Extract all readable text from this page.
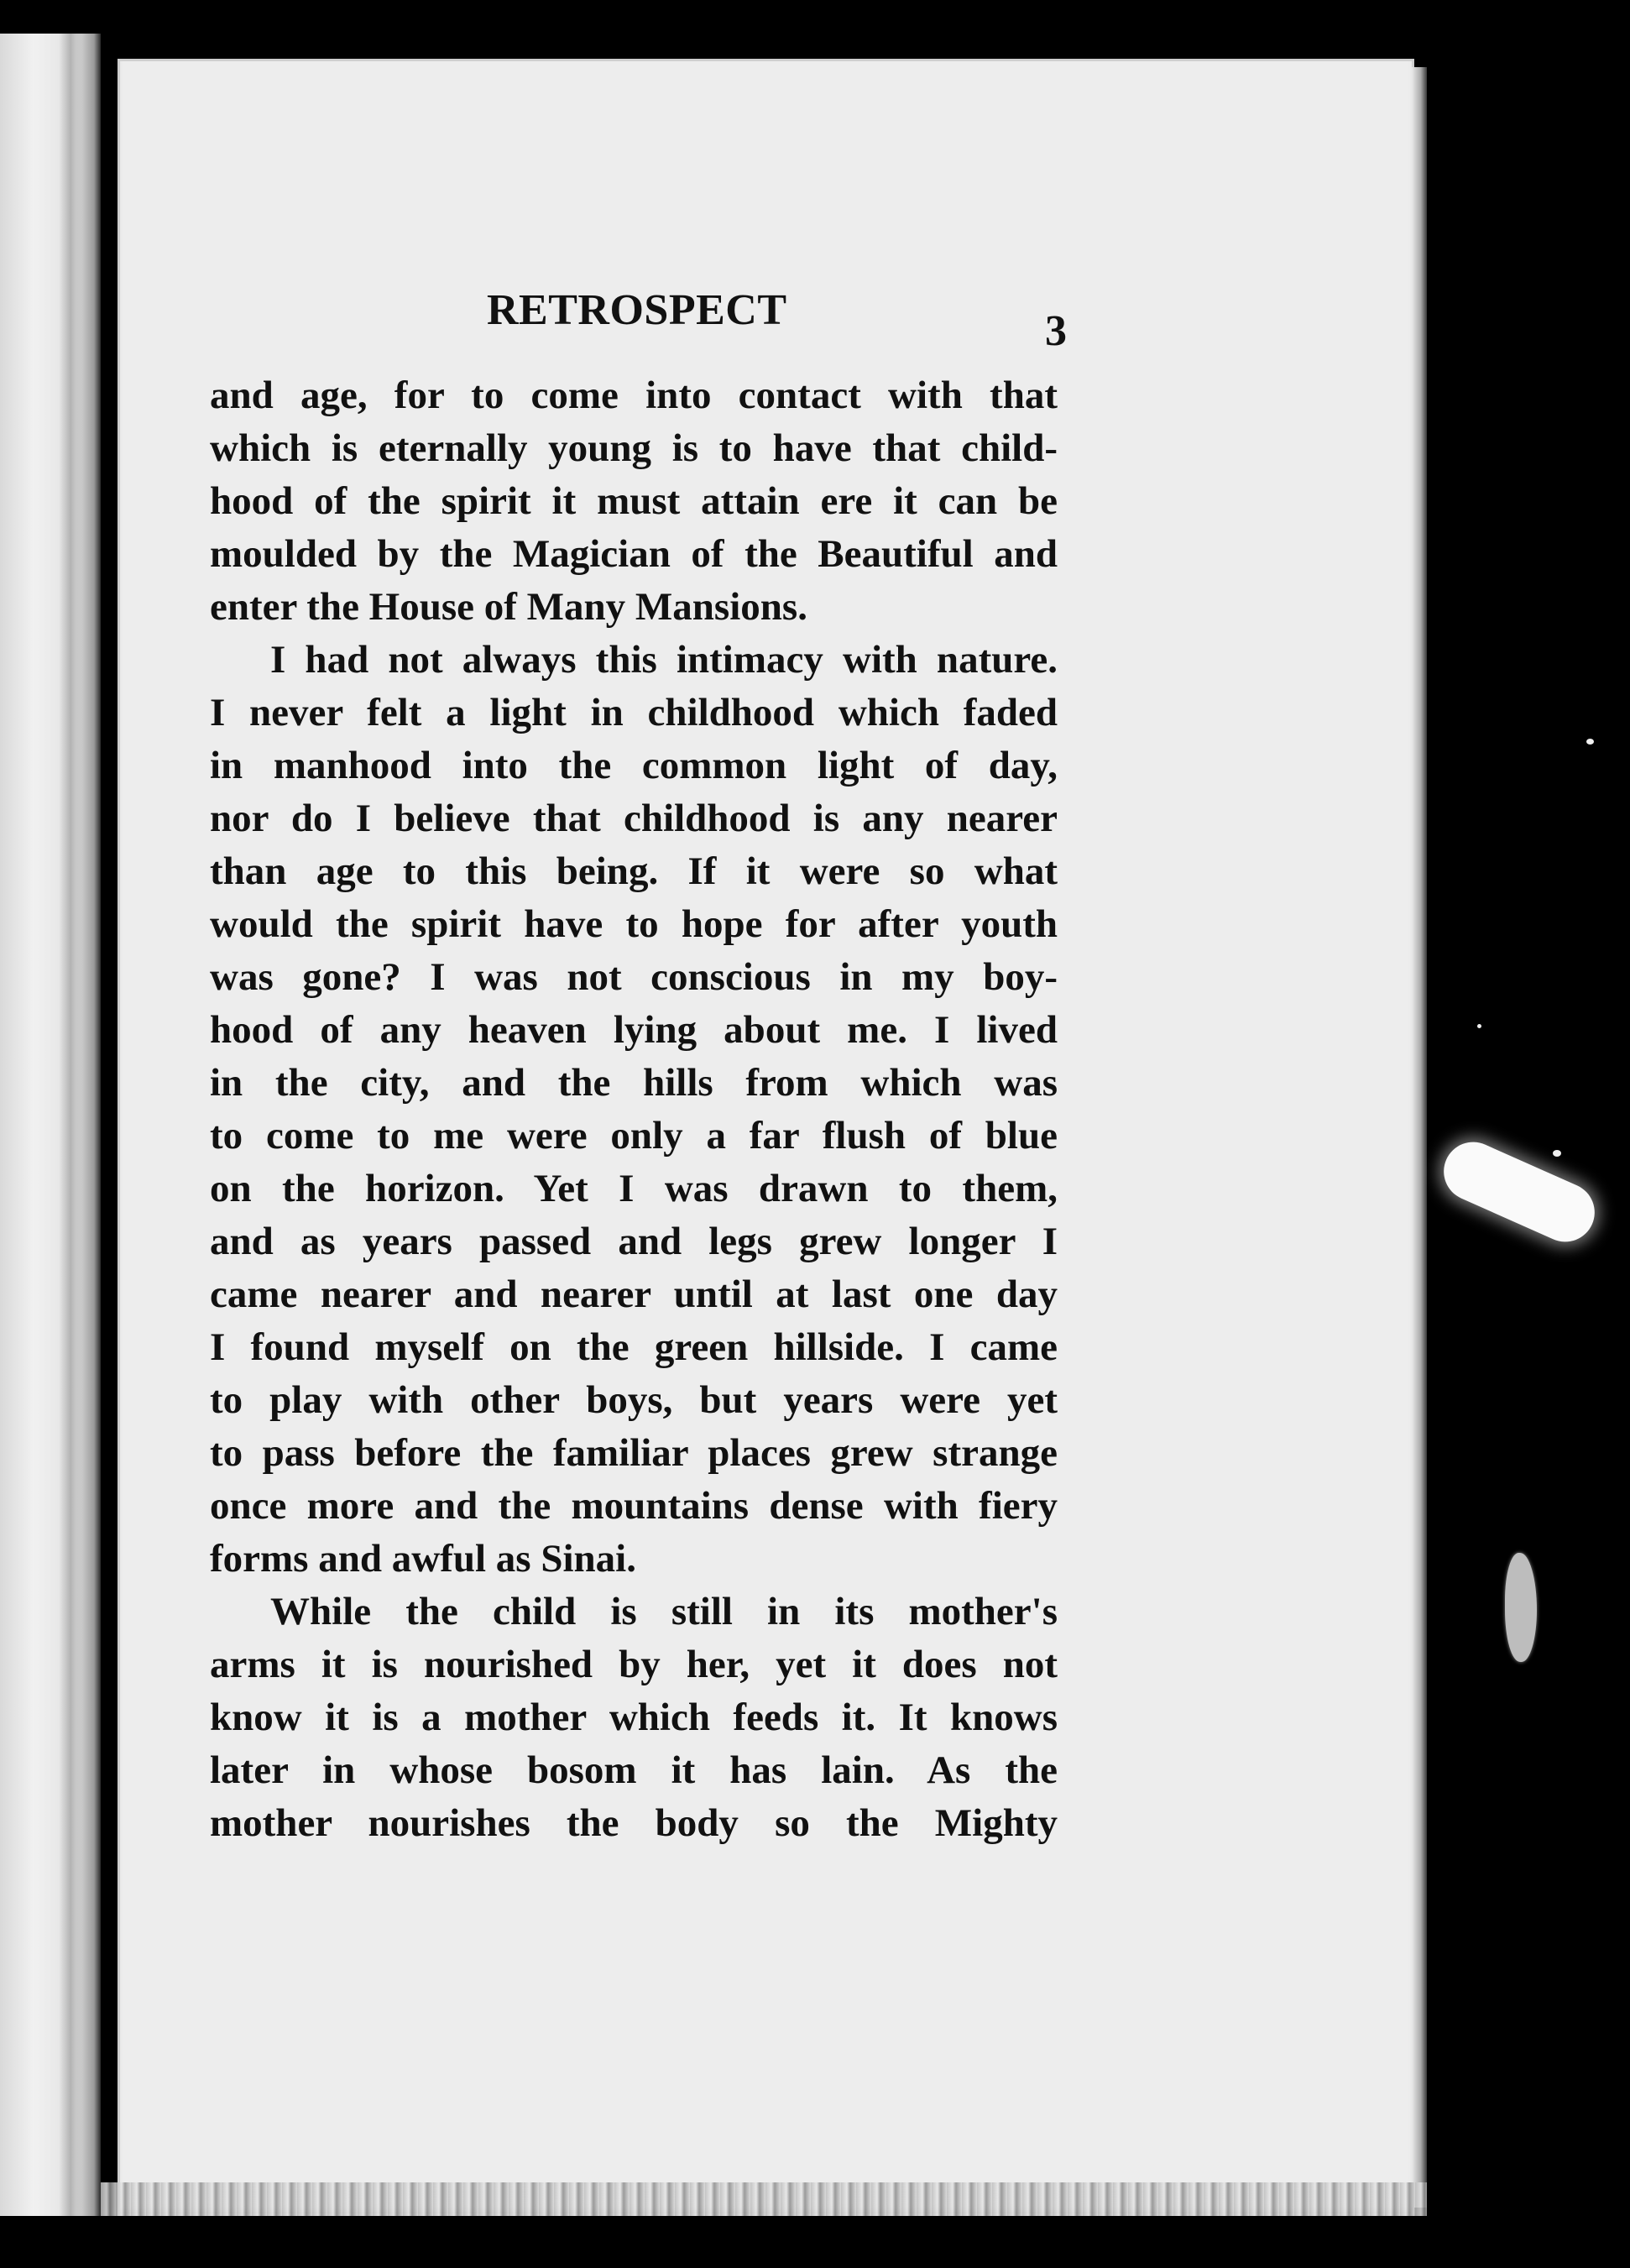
RETROSPECT	3
and age, for to come into contact with that
which is eternally young is to have that child-
hood of the spirit it must attain ere it can be
moulded by the Magician of the Beautiful and
enter the House of Many Mansions.
I had not always this intimacy with nature.
I never felt a light in childhood which faded
in manhood into the common light of day,
nor do I believe that childhood is any nearer
than age to this being. If it were so what
would the spirit have to hope for after youth
was gone? I was not conscious in my boy-
hood of any heaven lying about me. I lived
in the city, and the hills from which was
to come to me were only a far flush of blue
on the horizon. Yet I was drawn to them,
and as years passed and legs grew longer I
came nearer and nearer until at last one day
I found myself on the green hillside. I came
to play with other boys, but years were yet
to pass before the familiar places grew strange
once more and the mountains dense with fiery
forms and awful as Sinai.
While the child is still in its mother's
arms it is nourished by her, yet it does not
know it is a mother which feeds it. It knows
later in whose bosom it has lain. As the
mother nourishes the body so the Mighty
